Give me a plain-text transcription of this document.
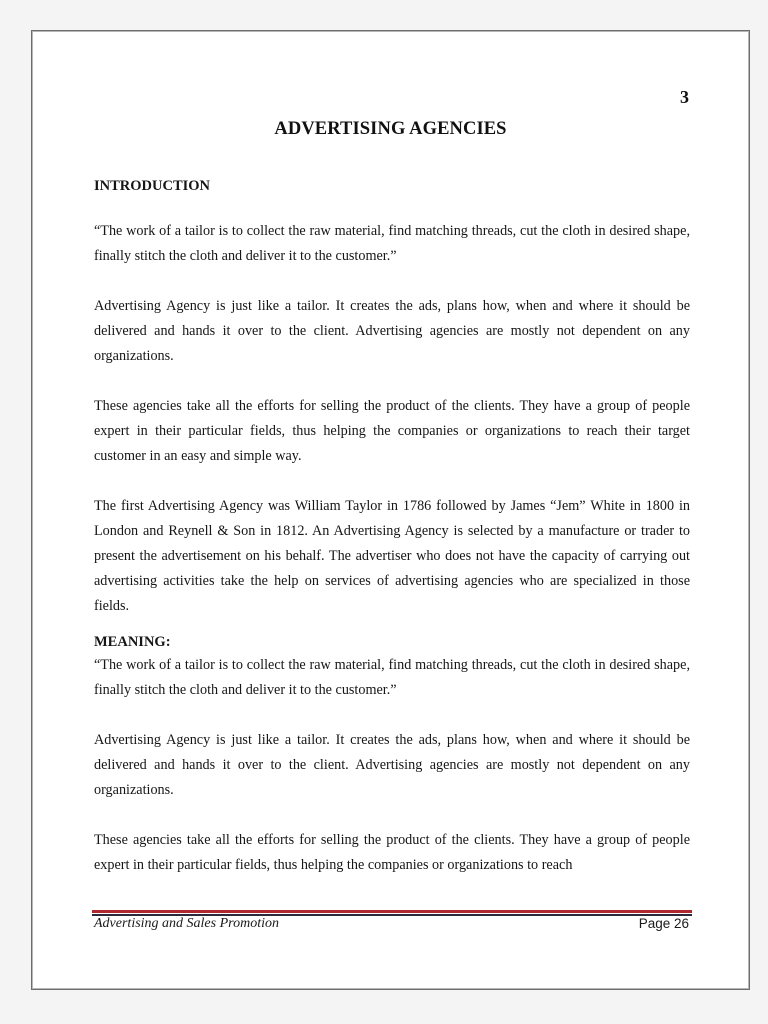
3
ADVERTISING AGENCIES

INTRODUCTION

“The work of a tailor is to collect the raw material, find matching threads, cut the cloth in desired shape, finally stitch the cloth and deliver it to the customer.”

Advertising Agency is just like a tailor. It creates the ads, plans how, when and where it should be delivered and hands it over to the client. Advertising agencies are mostly not dependent on any organizations.

These agencies take all the efforts for selling the product of the clients. They have a group of people expert in their particular fields, thus helping the companies or organizations to reach their target customer in an easy and simple way.

The first Advertising Agency was William Taylor in 1786 followed by James “Jem” White in 1800 in London and Reynell & Son in 1812. An Advertising Agency is selected by a manufacture or trader to present the advertisement on his behalf. The advertiser who does not have the capacity of carrying out advertising activities take the help on services of advertising agencies who are specialized in those fields.

MEANING:

“The work of a tailor is to collect the raw material, find matching threads, cut the cloth in desired shape, finally stitch the cloth and deliver it to the customer.”

Advertising Agency is just like a tailor. It creates the ads, plans how, when and where it should be delivered and hands it over to the client. Advertising agencies are mostly not dependent on any organizations.

These agencies take all the efforts for selling the product of the clients. They have a group of people expert in their particular fields, thus helping the companies or organizations to reach

Advertising and Sales Promotion	Page 26
